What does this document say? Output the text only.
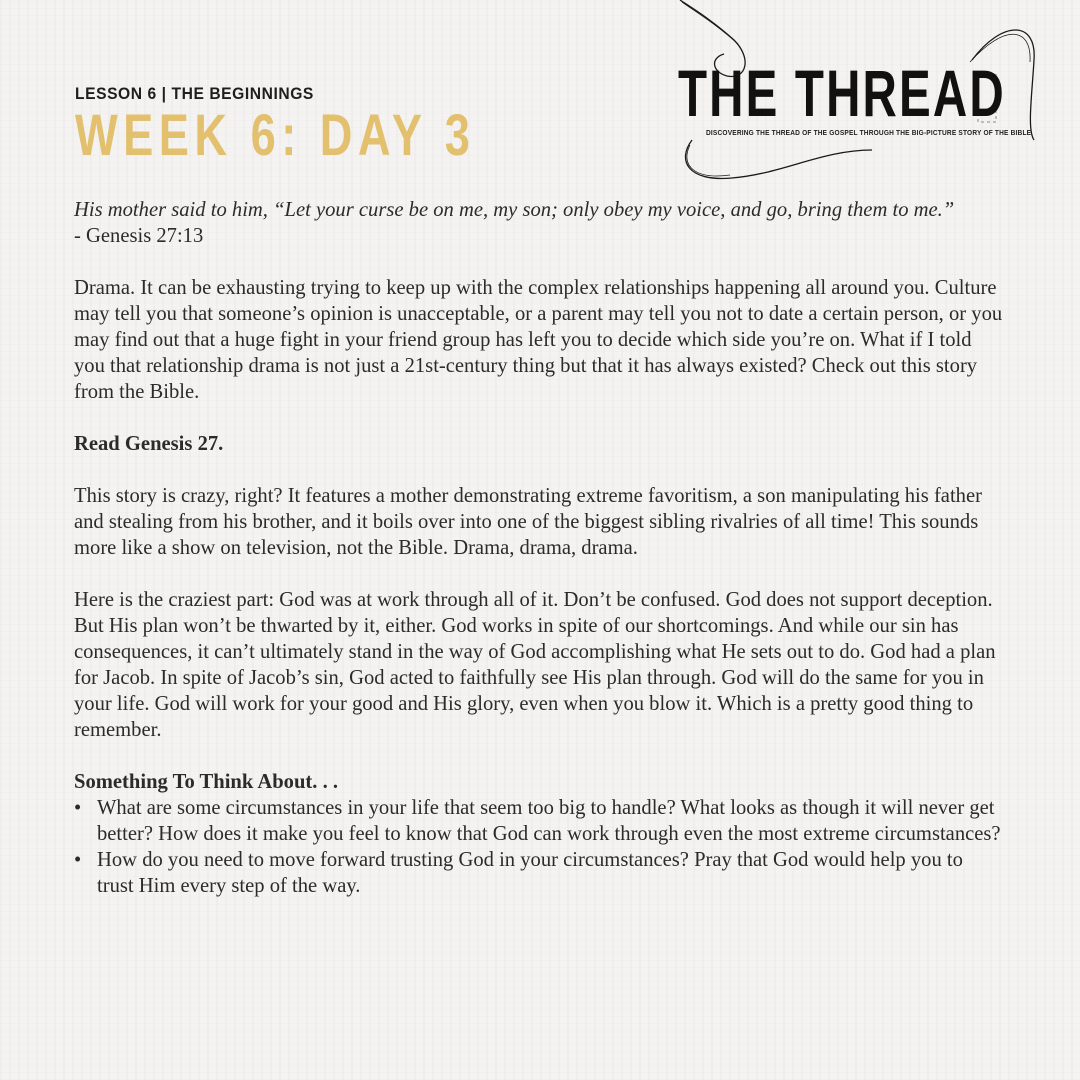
LESSON 6 | THE BEGINNINGS
WEEK 6: DAY 3
THE THREAD
DISCOVERING THE THREAD OF THE GOSPEL THROUGH THE BIG-PICTURE STORY OF THE BIBLE

His mother said to him, “Let your curse be on me, my son; only obey my voice, and go, bring them to me.”

- Genesis 27:13

Drama. It can be exhausting trying to keep up with the complex relationships happening all around you. Culture may tell you that someone’s opinion is unacceptable, or a parent may tell you not to date a certain person, or you may find out that a huge fight in your friend group has left you to decide which side you’re on. What if I told you that relationship drama is not just a 21st-century thing but that it has always existed? Check out this story from the Bible.

Read Genesis 27.

This story is crazy, right? It features a mother demonstrating extreme favoritism, a son manipulating his father and stealing from his brother, and it boils over into one of the biggest sibling rivalries of all time! This sounds more like a show on television, not the Bible. Drama, drama, drama.

Here is the craziest part: God was at work through all of it. Don’t be confused. God does not support deception. But His plan won’t be thwarted by it, either. God works in spite of our shortcomings. And while our sin has consequences, it can’t ultimately stand in the way of God accomplishing what He sets out to do. God had a plan for Jacob. In spite of Jacob’s sin, God acted to faithfully see His plan through. God will do the same for you in your life. God will work for your good and His glory, even when you blow it. Which is a pretty good thing to remember.

Something To Think About. . .

• What are some circumstances in your life that seem too big to handle? What looks as though it will never get better? How does it make you feel to know that God can work through even the most extreme circumstances?
• How do you need to move forward trusting God in your circumstances? Pray that God would help you to trust Him every step of the way.
